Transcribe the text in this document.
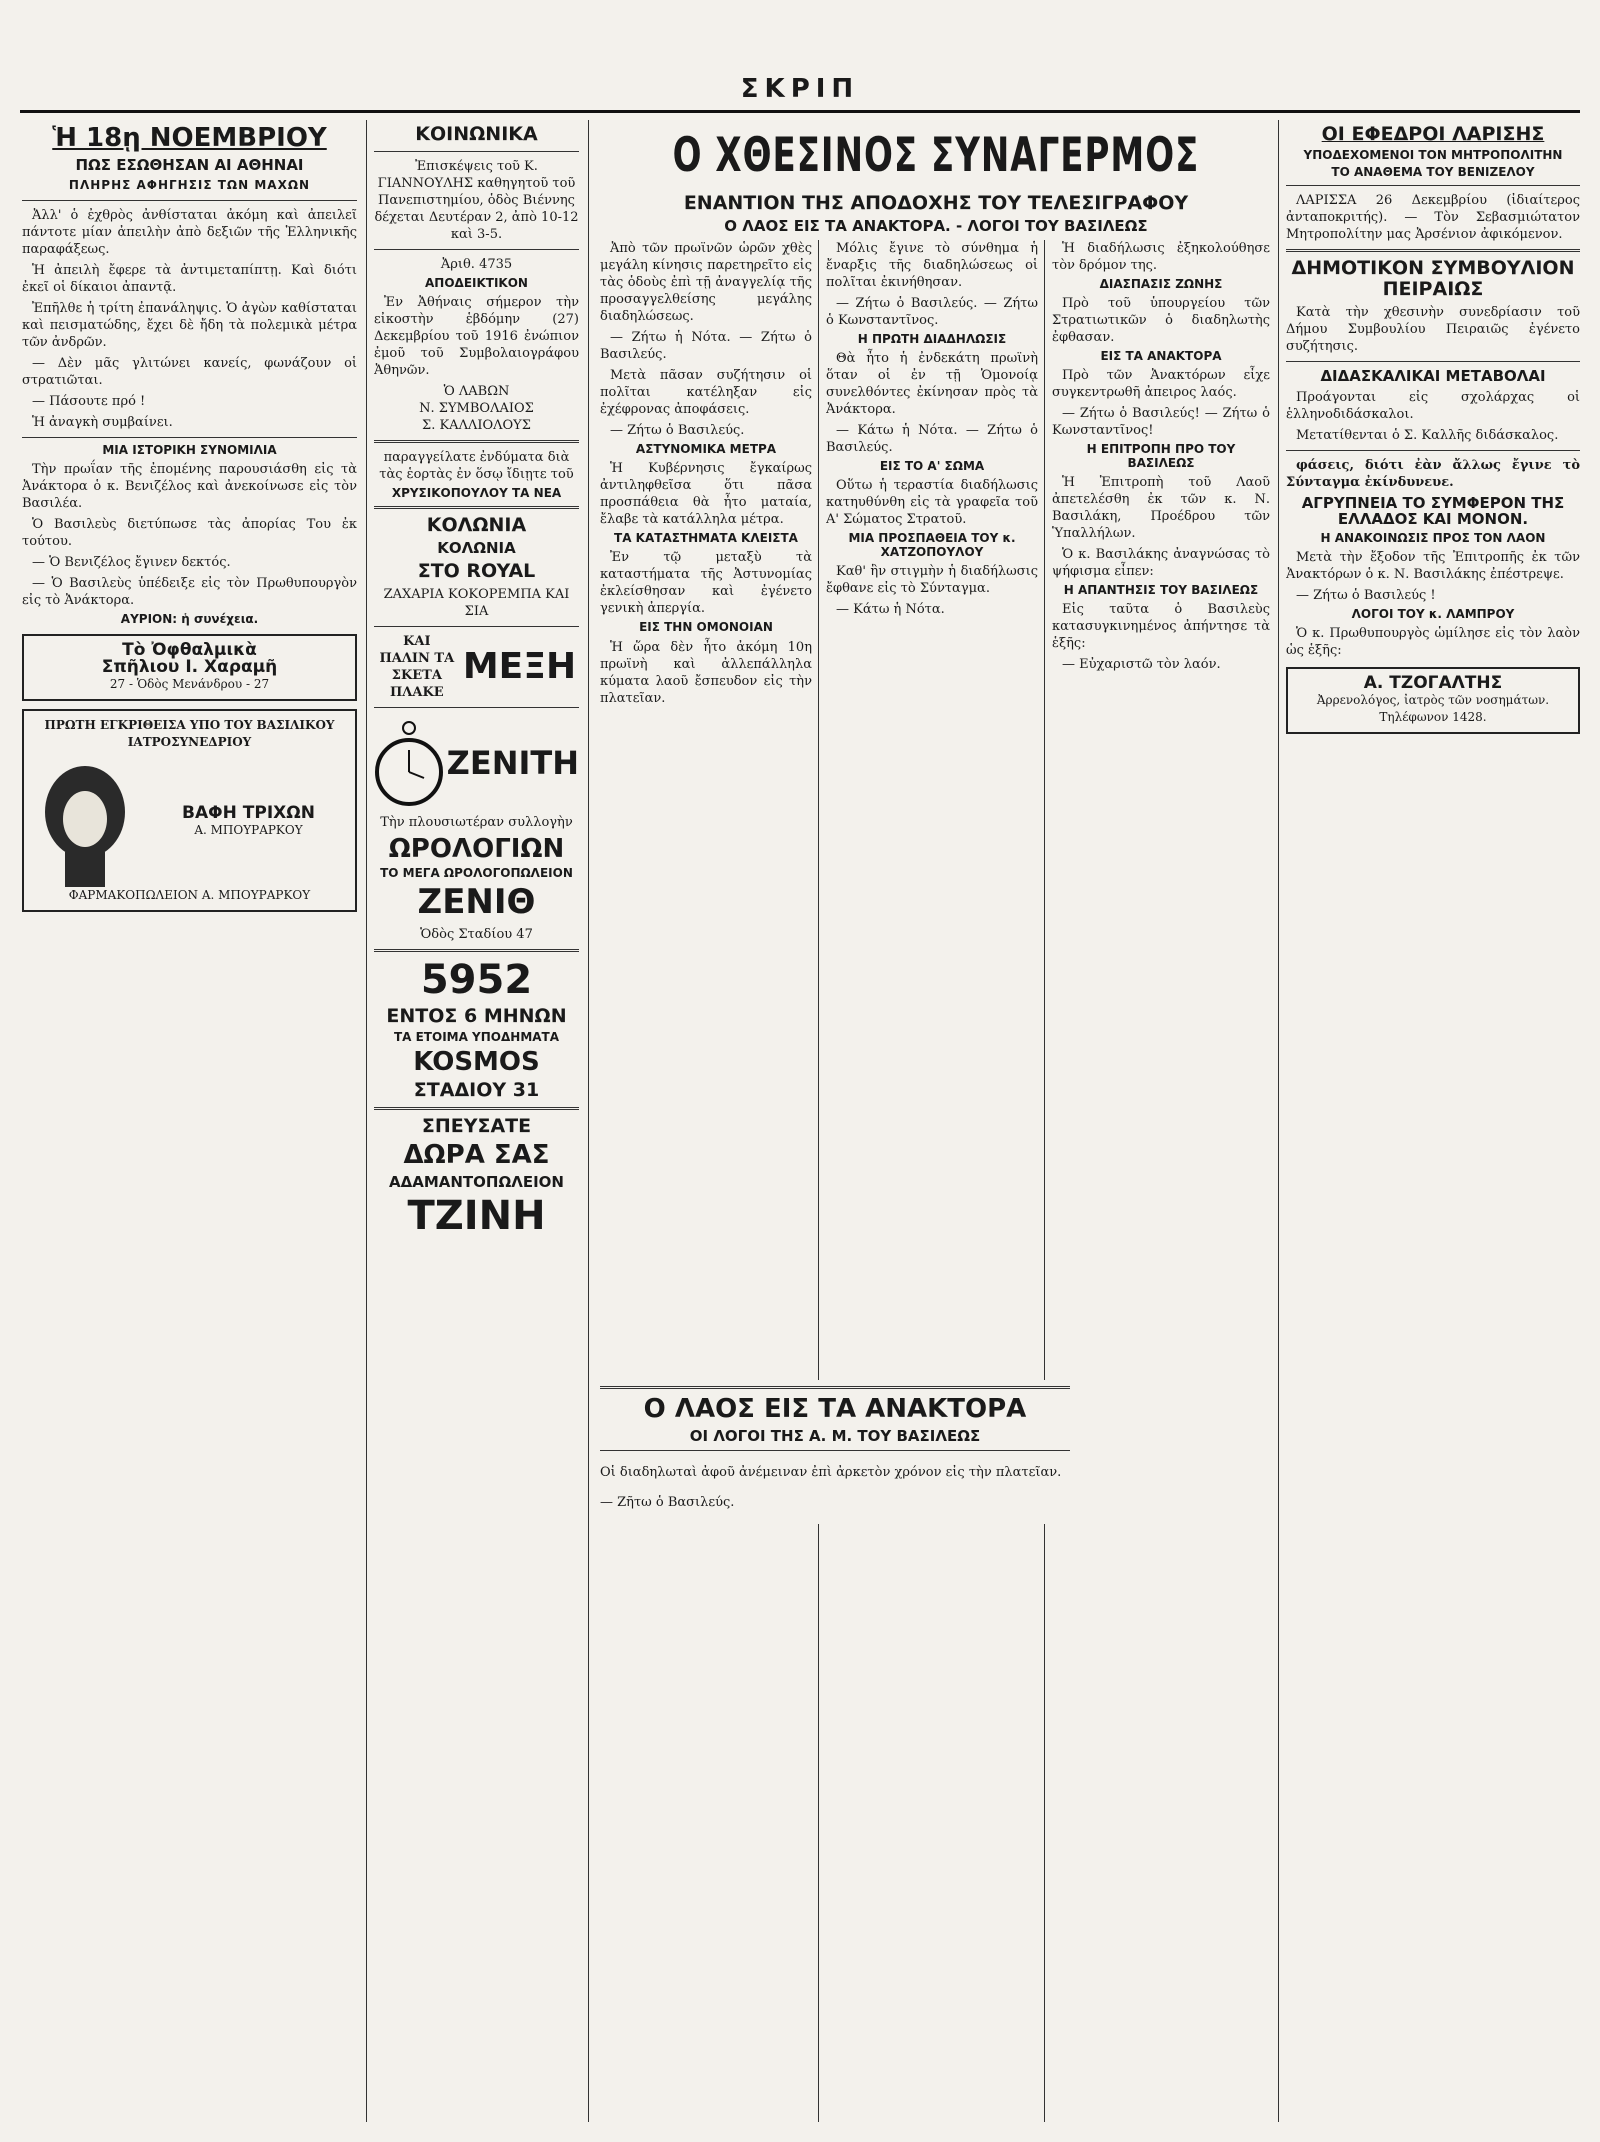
ΣΚΡΙΠ
Ἡ 18ῃ ΝΟΕΜΒΡΙΟΥ
ΠΩΣ ΕΣΩΘΗΣΑΝ ΑΙ ΑΘΗΝΑΙ
ΠΛΗΡΗΣ ΑΦΗΓΗΣΙΣ ΤΩΝ ΜΑΧΩΝ

Ἀλλ' ὁ ἐχθρὸς ἀνθίσταται ἀκόμη καὶ ἀπειλεῖ πάντοτε μίαν ἀπειλὴν ἀπὸ δεξιῶν τῆς Ἑλληνικῆς παραφάξεως.

Ἡ ἀπειλὴ ἔφερε τὰ ἀντιμεταπίπτῃ. Καὶ διότι ἐκεῖ οἱ δίκαιοι ἀπαντᾷ.

Ἐπῆλθε ἡ τρίτη ἐπανάληψις. Ὁ ἀγὼν καθίσταται καὶ πεισματώδης, ἔχει δὲ ἤδη τὰ πολεμικὰ μέτρα τῶν ἀνδρῶν.

— Δὲν μᾶς γλιτώνει κανείς, φωνάζουν οἱ στρατιῶται.

— Πάσουτε πρό !

Ἡ ἀναγκὴ συμβαίνει.

ΜΙΑ ΙΣΤΟΡΙΚΗ ΣΥΝΟΜΙΛΙΑ

Τὴν πρωΐαν τῆς ἐπομένης παρουσιάσθη εἰς τὰ Ἀνάκτορα ὁ κ. Βενιζέλος καὶ ἀνεκοίνωσε εἰς τὸν Βασιλέα.

Ὁ Βασιλεὺς διετύπωσε τὰς ἀπορίας Του ἐκ τούτου.

— Ὁ Βενιζέλος ἔγινεν δεκτός.

— Ὁ Βασιλεὺς ὑπέδειξε εἰς τὸν Πρωθυπουργὸν εἰς τὸ Ἀνάκτορα.

ΑΥΡΙΟΝ: ἡ συνέχεια.
Τὸ Ὀφθαλμικὰ
Σπῆλιου Ι. Χαραμῆ
27 - Ὁδὸς Μενάνδρου - 27
ΠΡΩΤΗ ΕΓΚΡΙΘΕΙΣΑ ΥΠΟ ΤΟΥ ΒΑΣΙΛΙΚΟΥ ΙΑΤΡΟΣΥΝΕΔΡΙΟΥ
ΒΑΦΗ ΤΡΙΧΩΝ
Α. ΜΠΟΥΡΑΡΚΟΥ
ΦΑΡΜΑΚΟΠΩΛΕΙΟΝ Α. ΜΠΟΥΡΑΡΚΟΥ
ΚΟΙΝΩΝΙΚΑ

Ἐπισκέψεις τοῦ Κ. ΓΙΑΝΝΟΥΛΗΣ καθηγητοῦ τοῦ Πανεπιστημίου, ὁδὸς Βιέννης δέχεται Δευτέραν 2, ἀπὸ 10-12 καὶ 3-5.

Ἀριθ. 4735
ΑΠΟΔΕΙΚΤΙΚΟΝ

Ἐν Ἀθήναις σήμερον τὴν εἰκοστὴν ἑβδόμην (27) Δεκεμβρίου τοῦ 1916 ἐνώπιον ἐμοῦ τοῦ Συμβολαιογράφου Ἀθηνῶν.

Ὁ ΛΑΒΩΝ
Ν. ΣΥΜΒΟΛΑΙΟΣ
Σ. ΚΑΛΛΙΟΛΟΥΣ
παραγγείλατε ἐνδύματα διὰ τὰς ἑορτὰς ἐν ὅσῳ ἴδιῃτε τοῦ
ΧΡΥΣΙΚΟΠΟΥΛΟΥ ΤΑ ΝΕΑ
ΚΟΛΩΝΙΑ
ΚΟΛΩΝΙΑ
ΣΤΟ ROYAL
ΖΑΧΑΡΙΑ ΚΟΚΟΡΕΜΠΑ ΚΑΙ ΣΙΑ
ΚΑΙ ΠΑΛΙΝ ΤΑ ΣΚΕΤΑ ΠΛΑΚΕ
ΜΕΞΗ
ZENITH
Τὴν πλουσιωτέραν συλλογὴν
ΩΡΟΛΟΓΙΩΝ
ΤΟ ΜΕΓΑ ΩΡΟΛΟΓΟΠΩΛΕΙΟΝ
ΖΕΝΙΘ
Ὁδὸς Σταδίου 47
5952
ΕΝΤΟΣ 6 ΜΗΝΩΝ
ΤΑ ΕΤΟΙΜΑ ΥΠΟΔΗΜΑΤΑ
KOSMOS
ΣΤΑΔΙΟΥ 31
ΣΠΕΥΣΑΤΕ
ΔΩΡΑ ΣΑΣ
ΑΔΑΜΑΝΤΟΠΩΛΕΙΟΝ
ΤΖΙΝΗ
Ο ΧΘΕΣΙΝΟΣ ΣΥΝΑΓΕΡΜΟΣ
ΕΝΑΝΤΙΟΝ ΤΗΣ ΑΠΟΔΟΧΗΣ ΤΟΥ ΤΕΛΕΣΙΓΡΑΦΟΥ
Ο ΛΑΟΣ ΕΙΣ ΤΑ ΑΝΑΚΤΟΡΑ. - ΛΟΓΟΙ ΤΟΥ ΒΑΣΙΛΕΩΣ

Ἀπὸ τῶν πρωϊνῶν ὡρῶν χθὲς μεγάλη κίνησις παρετηρεῖτο εἰς τὰς ὁδοὺς ἐπὶ τῇ ἀναγγελίᾳ τῆς προσαγγελθείσης μεγάλης διαδηλώσεως.

— Ζήτω ἡ Νότα. — Ζήτω ὁ Βασιλεύς.

Μετὰ πᾶσαν συζήτησιν οἱ πολῖται κατέληξαν εἰς ἐχέφρονας ἀποφάσεις.

— Ζήτω ὁ Βασιλεύς.

ΑΣΤΥΝΟΜΙΚΑ ΜΕΤΡΑ

Ἡ Κυβέρνησις ἔγκαίρως ἀντιληφθεῖσα ὅτι πᾶσα προσπάθεια θὰ ἦτο ματαία, ἔλαβε τὰ κατάλληλα μέτρα.

ΤΑ ΚΑΤΑΣΤΗΜΑΤΑ ΚΛΕΙΣΤΑ

Ἐν τῷ μεταξὺ τὰ καταστήματα τῆς Ἀστυνομίας ἐκλείσθησαν καὶ ἐγένετο γενικὴ ἀπεργία.

ΕΙΣ ΤΗΝ ΟΜΟΝΟΙΑΝ

Ἡ ὥρα δὲν ἦτο ἀκόμη 10η πρωϊνὴ καὶ ἀλλεπάλληλα κύματα λαοῦ ἔσπευδον εἰς τὴν πλατεῖαν.

Μόλις ἔγινε τὸ σύνθημα ἡ ἔναρξις τῆς διαδηλώσεως οἱ πολῖται ἐκινήθησαν.

— Ζήτω ὁ Βασιλεύς. — Ζήτω ὁ Κωνσταντῖνος.

Η ΠΡΩΤΗ ΔΙΑΔΗΛΩΣΙΣ

Θὰ ἦτο ἡ ἐνδεκάτη πρωϊνὴ ὅταν οἱ ἐν τῇ Ὁμονοίᾳ συνελθόντες ἐκίνησαν πρὸς τὰ Ἀνάκτορα.

— Κάτω ἡ Νότα. — Ζήτω ὁ Βασιλεύς.

ΕΙΣ ΤΟ Α' ΣΩΜΑ

Οὕτω ἡ τεραστία διαδήλωσις κατηυθύνθη εἰς τὰ γραφεῖα τοῦ Α' Σώματος Στρατοῦ.

ΜΙΑ ΠΡΟΣΠΑΘΕΙΑ ΤΟΥ κ. ΧΑΤΖΟΠΟΥΛΟΥ

Καθ' ἣν στιγμὴν ἡ διαδήλωσις ἔφθανε εἰς τὸ Σύνταγμα.

— Κάτω ἡ Νότα.

Ἡ διαδήλωσις ἐξηκολούθησε τὸν δρόμον της.

ΔΙΑΣΠΑΣΙΣ ΖΩΝΗΣ

Πρὸ τοῦ ὑπουργείου τῶν Στρατιωτικῶν ὁ διαδηλωτὴς ἐφθασαν.

ΕΙΣ ΤΑ ΑΝΑΚΤΟΡΑ

Πρὸ τῶν Ἀνακτόρων εἶχε συγκεντρωθῆ ἀπειρος λαός.

— Ζήτω ὁ Βασιλεύς! — Ζήτω ὁ Κωνσταντῖνος!

Η ΕΠΙΤΡΟΠΗ ΠΡΟ ΤΟΥ ΒΑΣΙΛΕΩΣ

Ἡ Ἐπιτροπὴ τοῦ Λαοῦ ἀπετελέσθη ἐκ τῶν κ. Ν. Βασιλάκη, Προέδρου τῶν Ὑπαλλήλων.

Ὁ κ. Βασιλάκης ἀναγνώσας τὸ ψήφισμα εἶπεν:

Η ΑΠΑΝΤΗΣΙΣ ΤΟΥ ΒΑΣΙΛΕΩΣ

Εἰς ταῦτα ὁ Βασιλεὺς κατασυγκινημένος ἀπήντησε τὰ ἑξῆς:

— Εὐχαριστῶ τὸν λαόν.

Ο ΛΑΟΣ ΕΙΣ ΤΑ ΑΝΑΚΤΟΡΑ
ΟΙ ΛΟΓΟΙ ΤΗΣ Α. Μ. ΤΟΥ ΒΑΣΙΛΕΩΣ

Οἱ διαδηλωταὶ ἀφοῦ ἀνέμειναν ἐπὶ ἀρκετὸν χρόνον εἰς τὴν πλατεῖαν.

— Ζῆτω ὁ Βασιλεύς.

ΟΙ ΕΦΕΔΡΟΙ ΛΑΡΙΣΗΣ
ΥΠΟΔΕΧΟΜΕΝΟΙ ΤΟΝ ΜΗΤΡΟΠΟΛΙΤΗΝ
ΤΟ ΑΝΑΘΕΜΑ ΤΟΥ ΒΕΝΙΖΕΛΟΥ

ΛΑΡΙΣΣΑ 26 Δεκεμβρίου (ἰδιαίτερος ἀνταποκριτής). — Τὸν Σεβασμιώτατον Μητροπολίτην μας Ἀρσένιον ἀφικόμενον.

ΔΗΜΟΤΙΚΟΝ ΣΥΜΒΟΥΛΙΟΝ ΠΕΙΡΑΙΩΣ

Κατὰ τὴν χθεσινὴν συνεδρίασιν τοῦ Δήμου Συμβουλίου Πειραιῶς ἐγένετο συζήτησις.

ΔΙΔΑΣΚΑΛΙΚΑΙ ΜΕΤΑΒΟΛΑΙ

Προάγονται εἰς σχολάρχας οἱ ἑλληνοδιδάσκαλοι.

Μετατίθενται ὁ Σ. Καλλῆς διδάσκαλος.

φάσεις, διότι ἐὰν ἄλλως ἔγινε τὸ Σύνταγμα ἐκίνδυνευε.

ΑΓΡΥΠΝΕΙΑ ΤΟ ΣΥΜΦΕΡΟΝ ΤΗΣ ΕΛΛΑΔΟΣ ΚΑΙ ΜΟΝΟΝ.
Η ΑΝΑΚΟΙΝΩΣΙΣ ΠΡΟΣ ΤΟΝ ΛΑΟΝ

Μετὰ τὴν ἔξοδον τῆς Ἐπιτροπῆς ἐκ τῶν Ἀνακτόρων ὁ κ. Ν. Βασιλάκης ἐπέστρεψε.

— Ζήτω ὁ Βασιλεύς !

ΛΟΓΟΙ ΤΟΥ κ. ΛΑΜΠΡΟΥ

Ὁ κ. Πρωθυπουργὸς ὡμίλησε εἰς τὸν λαὸν ὡς ἑξῆς:

Α. ΤΖΟΓΑΛΤΗΣ
Ἀρρενολόγος, ἰατρὸς τῶν νοσημάτων. Τηλέφωνον 1428.
